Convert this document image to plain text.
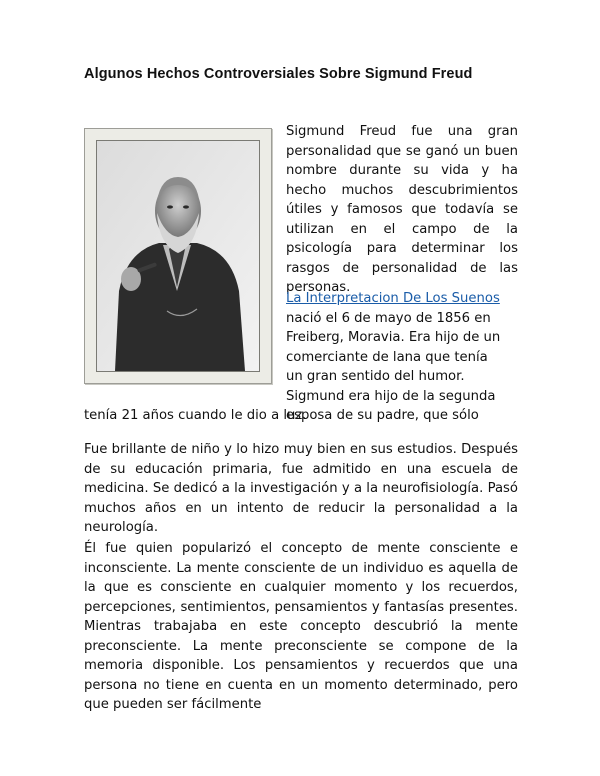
Algunos Hechos Controversiales Sobre Sigmund Freud

Sigmund Freud fue una gran personalidad que se ganó un buen nombre durante su vida y ha hecho muchos descubrimientos útiles y famosos que todavía se utilizan en el campo de la psicología para determinar los rasgos de personalidad de las personas.

La Interpretacion De Los Suenos
nació el 6 de mayo de 1856 en
Freiberg, Moravia. Era hijo de un
comerciante de lana que tenía
un gran sentido del humor.
Sigmund era hijo de la segunda
esposa de su padre, que sólo

tenía 21 años cuando le dio a luz.

Fue brillante de niño y lo hizo muy bien en sus estudios. Después de su educación primaria, fue admitido en una escuela de medicina. Se dedicó a la investigación y a la neurofisiología. Pasó muchos años en un intento de reducir la personalidad a la neurología.

Él fue quien popularizó el concepto de mente consciente e inconsciente. La mente consciente de un individuo es aquella de la que es consciente en cualquier momento y los recuerdos, percepciones, sentimientos, pensamientos y fantasías presentes. Mientras trabajaba en este concepto descubrió la mente preconsciente. La mente preconsciente se compone de la memoria disponible. Los pensamientos y recuerdos que una persona no tiene en cuenta en un momento determinado, pero que pueden ser fácilmente
